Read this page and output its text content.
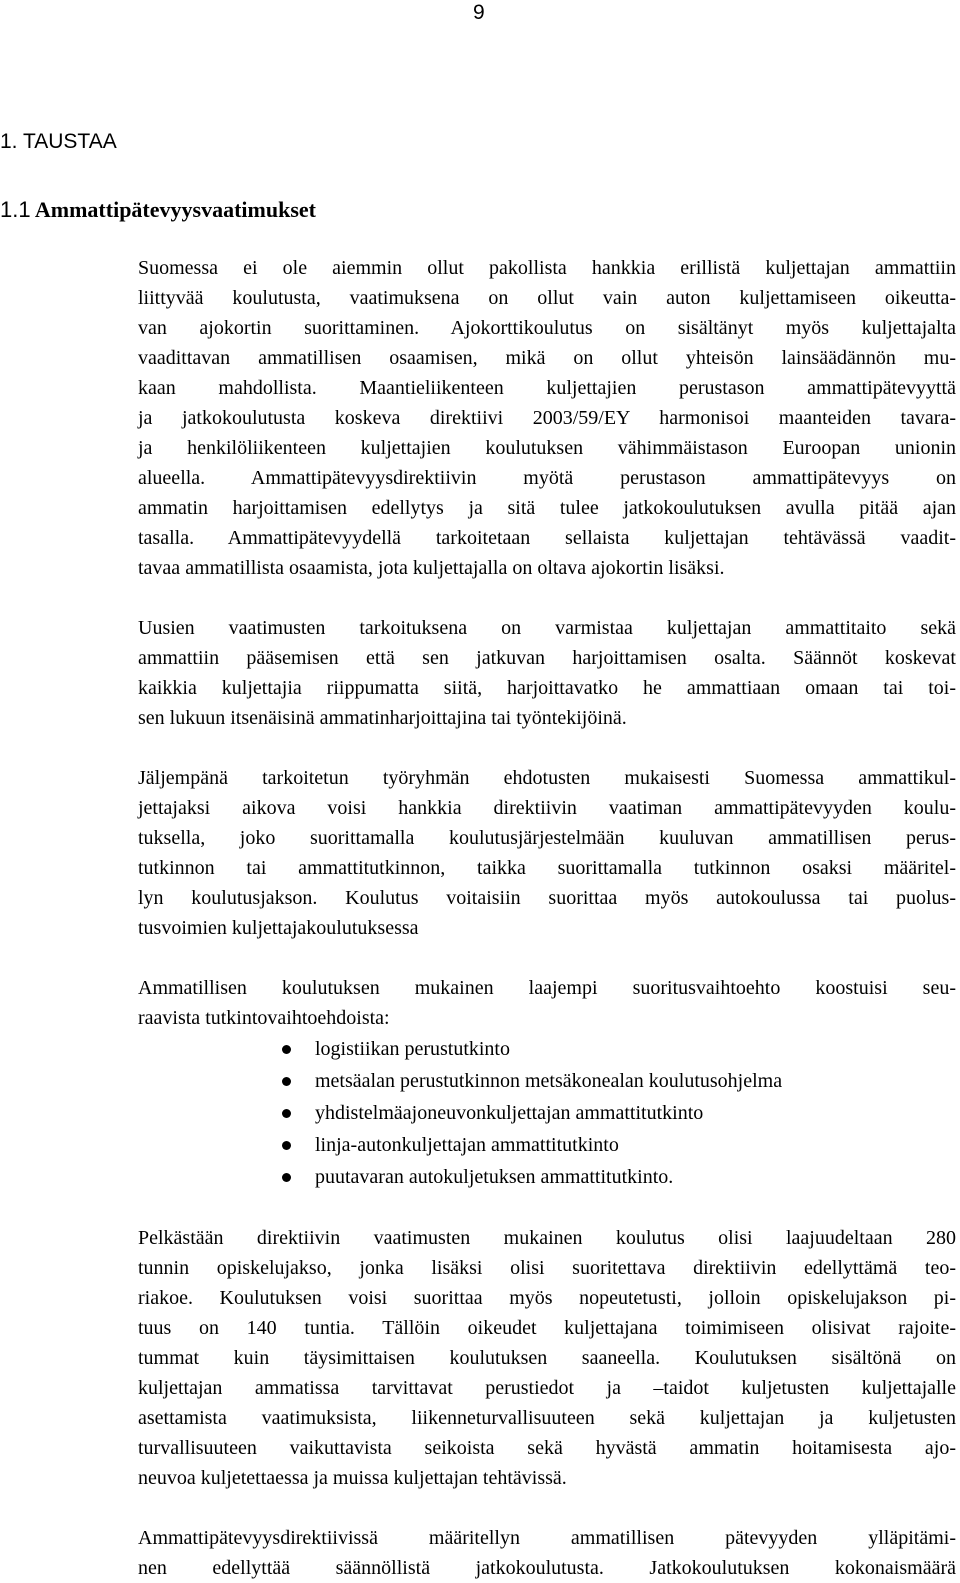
9
1. TAUSTAA
1.1 Ammattipätevyysvaatimukset
Suomessa ei ole aiemmin ollut pakollista hankkia erillistä kuljettajan ammattiin
liittyvää koulutusta, vaatimuksena on ollut vain auton kuljettamiseen oikeutta-
van ajokortin suorittaminen. Ajokorttikoulutus on sisältänyt myös kuljettajalta
vaadittavan ammatillisen osaamisen, mikä on ollut yhteisön lainsäädännön mu-
kaan mahdollista. Maantieliikenteen kuljettajien perustason ammattipätevyyttä
ja jatkokoulutusta koskeva direktiivi 2003/59/EY harmonisoi maanteiden tavara-
ja henkilöliikenteen kuljettajien koulutuksen vähimmäistason Euroopan unionin
alueella. Ammattipätevyysdirektiivin myötä perustason ammattipätevyys on
ammatin harjoittamisen edellytys ja sitä tulee jatkokoulutuksen avulla pitää ajan
tasalla. Ammattipätevyydellä tarkoitetaan sellaista kuljettajan tehtävässä vaadit-
tavaa ammatillista osaamista, jota kuljettajalla on oltava ajokortin lisäksi.
Uusien vaatimusten tarkoituksena on varmistaa kuljettajan ammattitaito sekä
ammattiin pääsemisen että sen jatkuvan harjoittamisen osalta. Säännöt koskevat
kaikkia kuljettajia riippumatta siitä, harjoittavatko he ammattiaan omaan tai toi-
sen lukuun itsenäisinä ammatinharjoittajina tai työntekijöinä.
Jäljempänä tarkoitetun työryhmän ehdotusten mukaisesti Suomessa ammattikul-
jettajaksi aikova voisi hankkia direktiivin vaatiman ammattipätevyyden koulu-
tuksella, joko suorittamalla koulutusjärjestelmään kuuluvan ammatillisen perus-
tutkinnon tai ammattitutkinnon, taikka suorittamalla tutkinnon osaksi määritel-
lyn koulutusjakson. Koulutus voitaisiin suorittaa myös autokoulussa tai puolus-
tusvoimien kuljettajakoulutuksessa
Ammatillisen koulutuksen mukainen laajempi suoritusvaihtoehto koostuisi seu-
raavista tutkintovaihtoehdoista:
logistiikan perustutkinto
metsäalan perustutkinnon metsäkonealan koulutusohjelma
yhdistelmäajoneuvonkuljettajan ammattitutkinto
linja-autonkuljettajan ammattitutkinto
puutavaran autokuljetuksen ammattitutkinto.
Pelkästään direktiivin vaatimusten mukainen koulutus olisi laajuudeltaan 280
tunnin opiskelujakso, jonka lisäksi olisi suoritettava direktiivin edellyttämä teo-
riakoe. Koulutuksen voisi suorittaa myös nopeutetusti, jolloin opiskelujakson pi-
tuus on 140 tuntia. Tällöin oikeudet kuljettajana toimimiseen olisivat rajoite-
tummat kuin täysimittaisen koulutuksen saaneella. Koulutuksen sisältönä on
kuljettajan ammatissa tarvittavat perustiedot ja –taidot kuljetusten kuljettajalle
asettamista vaatimuksista, liikenneturvallisuuteen sekä kuljettajan ja kuljetusten
turvallisuuteen vaikuttavista seikoista sekä hyvästä ammatin hoitamisesta ajo-
neuvoa kuljetettaessa ja muissa kuljettajan tehtävissä.
Ammattipätevyysdirektiivissä määritellyn ammatillisen pätevyyden ylläpitämi-
nen edellyttää säännöllistä jatkokoulutusta. Jatkokoulutuksen kokonaismäärä
